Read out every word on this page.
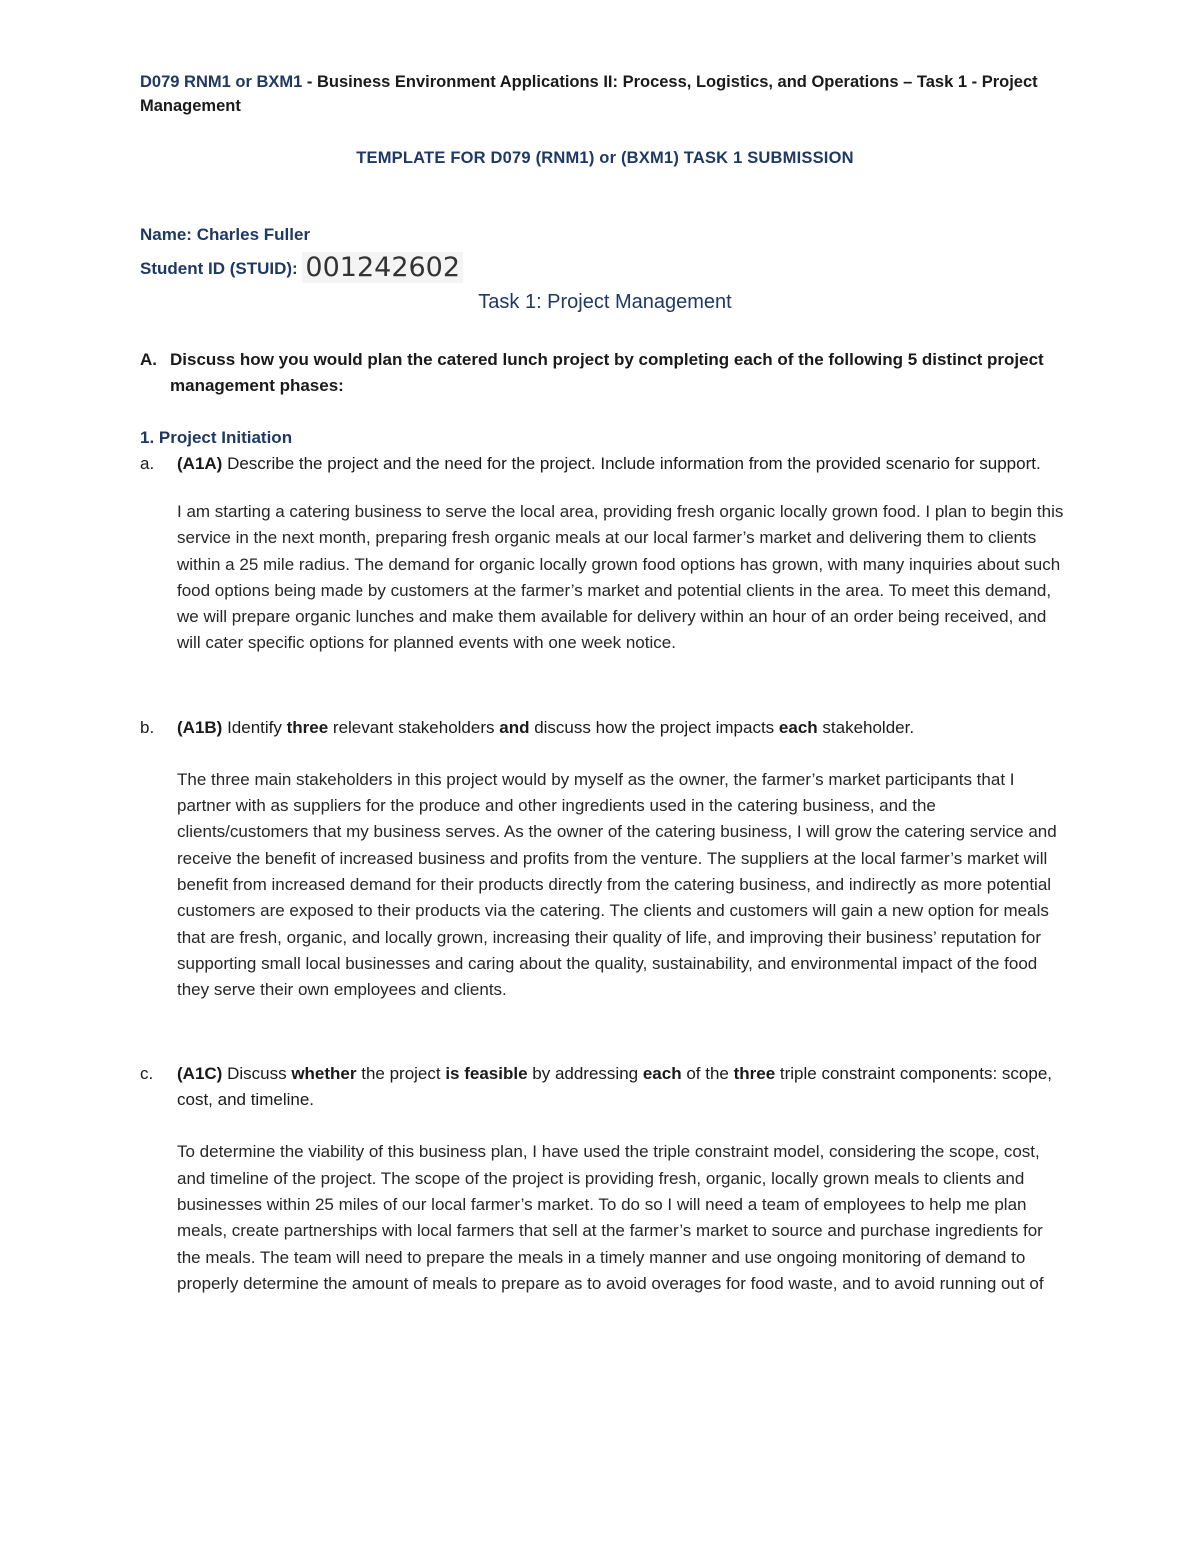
D079 RNM1 or BXM1 - Business Environment Applications II: Process, Logistics, and Operations – Task 1 - Project Management

TEMPLATE FOR D079 (RNM1) or (BXM1) TASK 1 SUBMISSION

Name: Charles Fuller

Student ID (STUID): 001242602

Task 1: Project Management

A. Discuss how you would plan the catered lunch project by completing each of the following 5 distinct project management phases:

1. Project Initiation

a.	(A1A) Describe the project and the need for the project. Include information from the provided scenario for support.

I am starting a catering business to serve the local area, providing fresh organic locally grown food. I plan to begin this service in the next month, preparing fresh organic meals at our local farmer’s market and delivering them to clients within a 25 mile radius. The demand for organic locally grown food options has grown, with many inquiries about such food options being made by customers at the farmer’s market and potential clients in the area. To meet this demand, we will prepare organic lunches and make them available for delivery within an hour of an order being received, and will cater specific options for planned events with one week notice.

b.	(A1B) Identify three relevant stakeholders and discuss how the project impacts each stakeholder.

The three main stakeholders in this project would by myself as the owner, the farmer’s market participants that I partner with as suppliers for the produce and other ingredients used in the catering business, and the clients/customers that my business serves. As the owner of the catering business, I will grow the catering service and receive the benefit of increased business and profits from the venture. The suppliers at the local farmer’s market will benefit from increased demand for their products directly from the catering business, and indirectly as more potential customers are exposed to their products via the catering. The clients and customers will gain a new option for meals that are fresh, organic, and locally grown, increasing their quality of life, and improving their business’ reputation for supporting small local businesses and caring about the quality, sustainability, and environmental impact of the food they serve their own employees and clients.

c.	(A1C) Discuss whether the project is feasible by addressing each of the three triple constraint components: scope, cost, and timeline.

To determine the viability of this business plan, I have used the triple constraint model, considering the scope, cost, and timeline of the project. The scope of the project is providing fresh, organic, locally grown meals to clients and businesses within 25 miles of our local farmer’s market. To do so I will need a team of employees to help me plan meals, create partnerships with local farmers that sell at the farmer’s market to source and purchase ingredients for the meals. The team will need to prepare the meals in a timely manner and use ongoing monitoring of demand to properly determine the amount of meals to prepare as to avoid overages for food waste, and to avoid running out of
